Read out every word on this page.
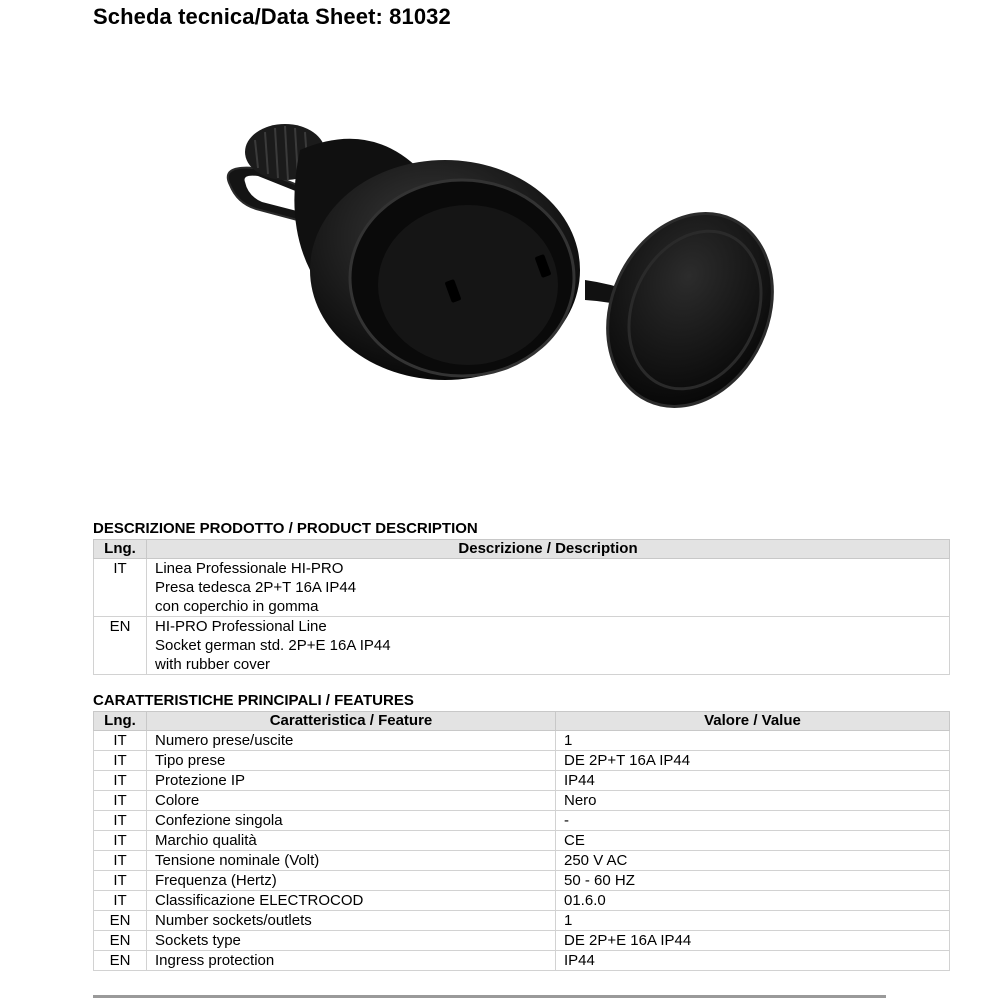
Scheda tecnica/Data Sheet: 81032
DESCRIZIONE PRODOTTO / PRODUCT DESCRIPTION
Lng.	Descrizione / Description
IT	Linea Professionale HI-PRO
Presa tedesca 2P+T 16A IP44
con coperchio in gomma

EN	HI-PRO Professional Line
Socket german std. 2P+E 16A IP44
with rubber cover
CARATTERISTICHE PRINCIPALI / FEATURES
Lng.	Caratteristica / Feature	Valore / Value
IT	Numero prese/uscite	1
IT	Tipo prese	DE 2P+T 16A IP44
IT	Protezione IP	IP44
IT	Colore	Nero
IT	Confezione singola	-
IT	Marchio qualità	CE
IT	Tensione nominale (Volt)	250 V AC
IT	Frequenza (Hertz)	50 - 60 HZ
IT	Classificazione ELECTROCOD	01.6.0
EN	Number sockets/outlets	1
EN	Sockets type	DE 2P+E 16A IP44
EN	Ingress protection	IP44
